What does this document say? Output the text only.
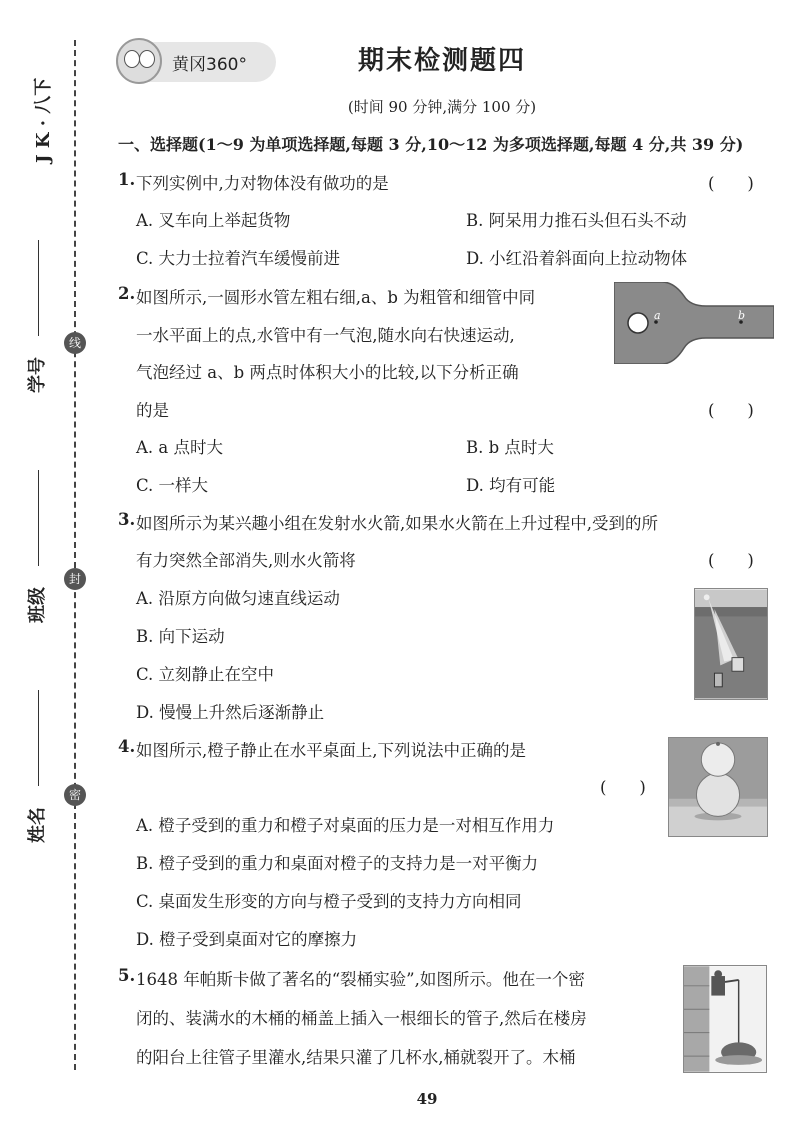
J K · 八下
学号
班级
姓名
线
封
密
黄冈360°	期末检测题四
(时间 90 分钟,满分 100 分)
一、选择题(1～9 为单项选择题,每题 3 分,10～12 为多项选择题,每题 4 分,共 39 分)
1. 下列实例中,力对物体没有做功的是	(　　)
A. 叉车向上举起货物	B. 阿呆用力推石头但石头不动
C. 大力士拉着汽车缓慢前进	D. 小红沿着斜面向上拉动物体
2. 如图所示,一圆形水管左粗右细,a、b 为粗管和细管中同
一水平面上的点,水管中有一气泡,随水向右快速运动,
气泡经过 a、b 两点时体积大小的比较,以下分析正确
的是	(　　)
a	b
A. a 点时大	B. b 点时大
C. 一样大	D. 均有可能
3. 如图所示为某兴趣小组在发射水火箭,如果水火箭在上升过程中,受到的所
有力突然全部消失,则水火箭将	(　　)
A. 沿原方向做匀速直线运动
B. 向下运动
C. 立刻静止在空中
D. 慢慢上升然后逐渐静止
4. 如图所示,橙子静止在水平桌面上,下列说法中正确的是
(　　)
A. 橙子受到的重力和橙子对桌面的压力是一对相互作用力
B. 橙子受到的重力和桌面对橙子的支持力是一对平衡力
C. 桌面发生形变的方向与橙子受到的支持力方向相同
D. 橙子受到桌面对它的摩擦力
5. 1648 年帕斯卡做了著名的“裂桶实验”,如图所示。他在一个密
闭的、装满水的木桶的桶盖上插入一根细长的管子,然后在楼房
的阳台上往管子里灌水,结果只灌了几杯水,桶就裂开了。木桶
49
